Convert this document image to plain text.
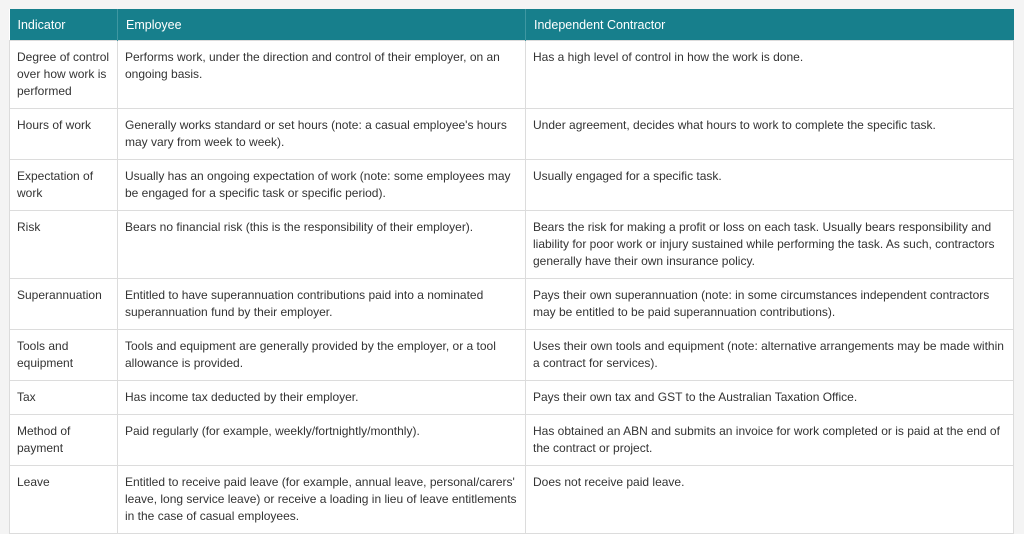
Indicator	Employee	Independent Contractor
Degree of control over how work is performed	Performs work, under the direction and control of their employer, on an ongoing basis.	Has a high level of control in how the work is done.
Hours of work	Generally works standard or set hours (note: a casual employee's hours may vary from week to week).	Under agreement, decides what hours to work to complete the specific task.
Expectation of work	Usually has an ongoing expectation of work (note: some employees may be engaged for a specific task or specific period).	Usually engaged for a specific task.
Risk	Bears no financial risk (this is the responsibility of their employer).	Bears the risk for making a profit or loss on each task. Usually bears responsibility and liability for poor work or injury sustained while performing the task. As such, contractors generally have their own insurance policy.
Superannuation	Entitled to have superannuation contributions paid into a nominated superannuation fund by their employer.	Pays their own superannuation (note: in some circumstances independent contractors may be entitled to be paid superannuation contributions).
Tools and equipment	Tools and equipment are generally provided by the employer, or a tool allowance is provided.	Uses their own tools and equipment (note: alternative arrangements may be made within a contract for services).
Tax	Has income tax deducted by their employer.	Pays their own tax and GST to the Australian Taxation Office.
Method of payment	Paid regularly (for example, weekly/fortnightly/monthly).	Has obtained an ABN and submits an invoice for work completed or is paid at the end of the contract or project.
Leave	Entitled to receive paid leave (for example, annual leave, personal/carers' leave, long service leave) or receive a loading in lieu of leave entitlements in the case of casual employees.	Does not receive paid leave.
